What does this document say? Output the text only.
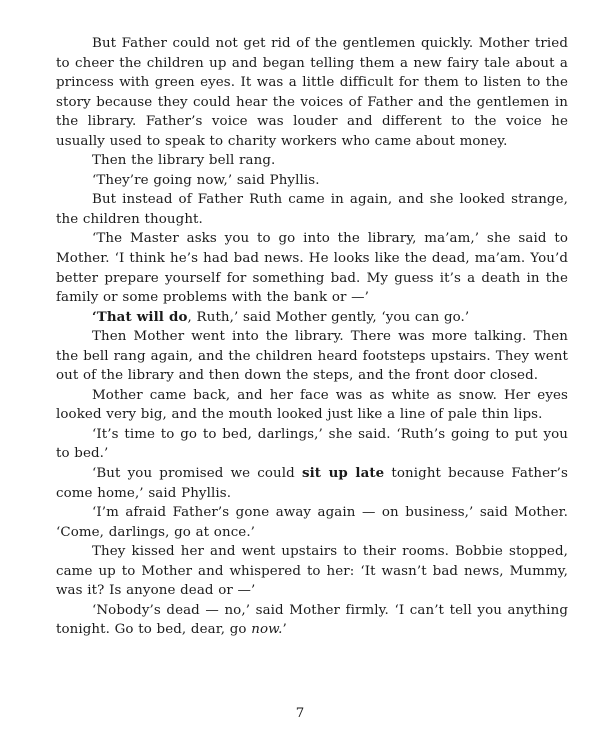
But Father could not get rid of the gentlemen quickly. Mother tried to cheer the children up and began telling them a new fairy tale about a princess with green eyes. It was a little difficult for them to listen to the story because they could hear the voices of Father and the gentlemen in the library. Father’s voice was louder and different to the voice he usually used to speak to charity workers who came about money.

Then the library bell rang.

‘They’re going now,’ said Phyllis.

But instead of Father Ruth came in again, and she looked strange, the children thought.

‘The Master asks you to go into the library, ma’am,’ she said to Mother. ‘I think he’s had bad news. He looks like the dead, ma’am. You’d better prepare yourself for something bad. My guess it’s a death in the family or some problems with the bank or —’

‘That will do, Ruth,’ said Mother gently, ‘you can go.’

Then Mother went into the library. There was more talking. Then the bell rang again, and the children heard footsteps upstairs. They went out of the library and then down the steps, and the front door closed.

Mother came back, and her face was as white as snow. Her eyes looked very big, and the mouth looked just like a line of pale thin lips.

‘It’s time to go to bed, darlings,’ she said. ‘Ruth’s going to put you to bed.’

‘But you promised we could sit up late tonight because Father’s come home,’ said Phyllis.

‘I’m afraid Father’s gone away again — on business,’ said Mother. ‘Come, darlings, go at once.’

They kissed her and went upstairs to their rooms. Bobbie stopped, came up to Mother and whispered to her: ‘It wasn’t bad news, Mummy, was it? Is anyone dead or —’

‘Nobody’s dead — no,’ said Mother firmly. ‘I can’t tell you anything tonight. Go to bed, dear, go now.’

7
